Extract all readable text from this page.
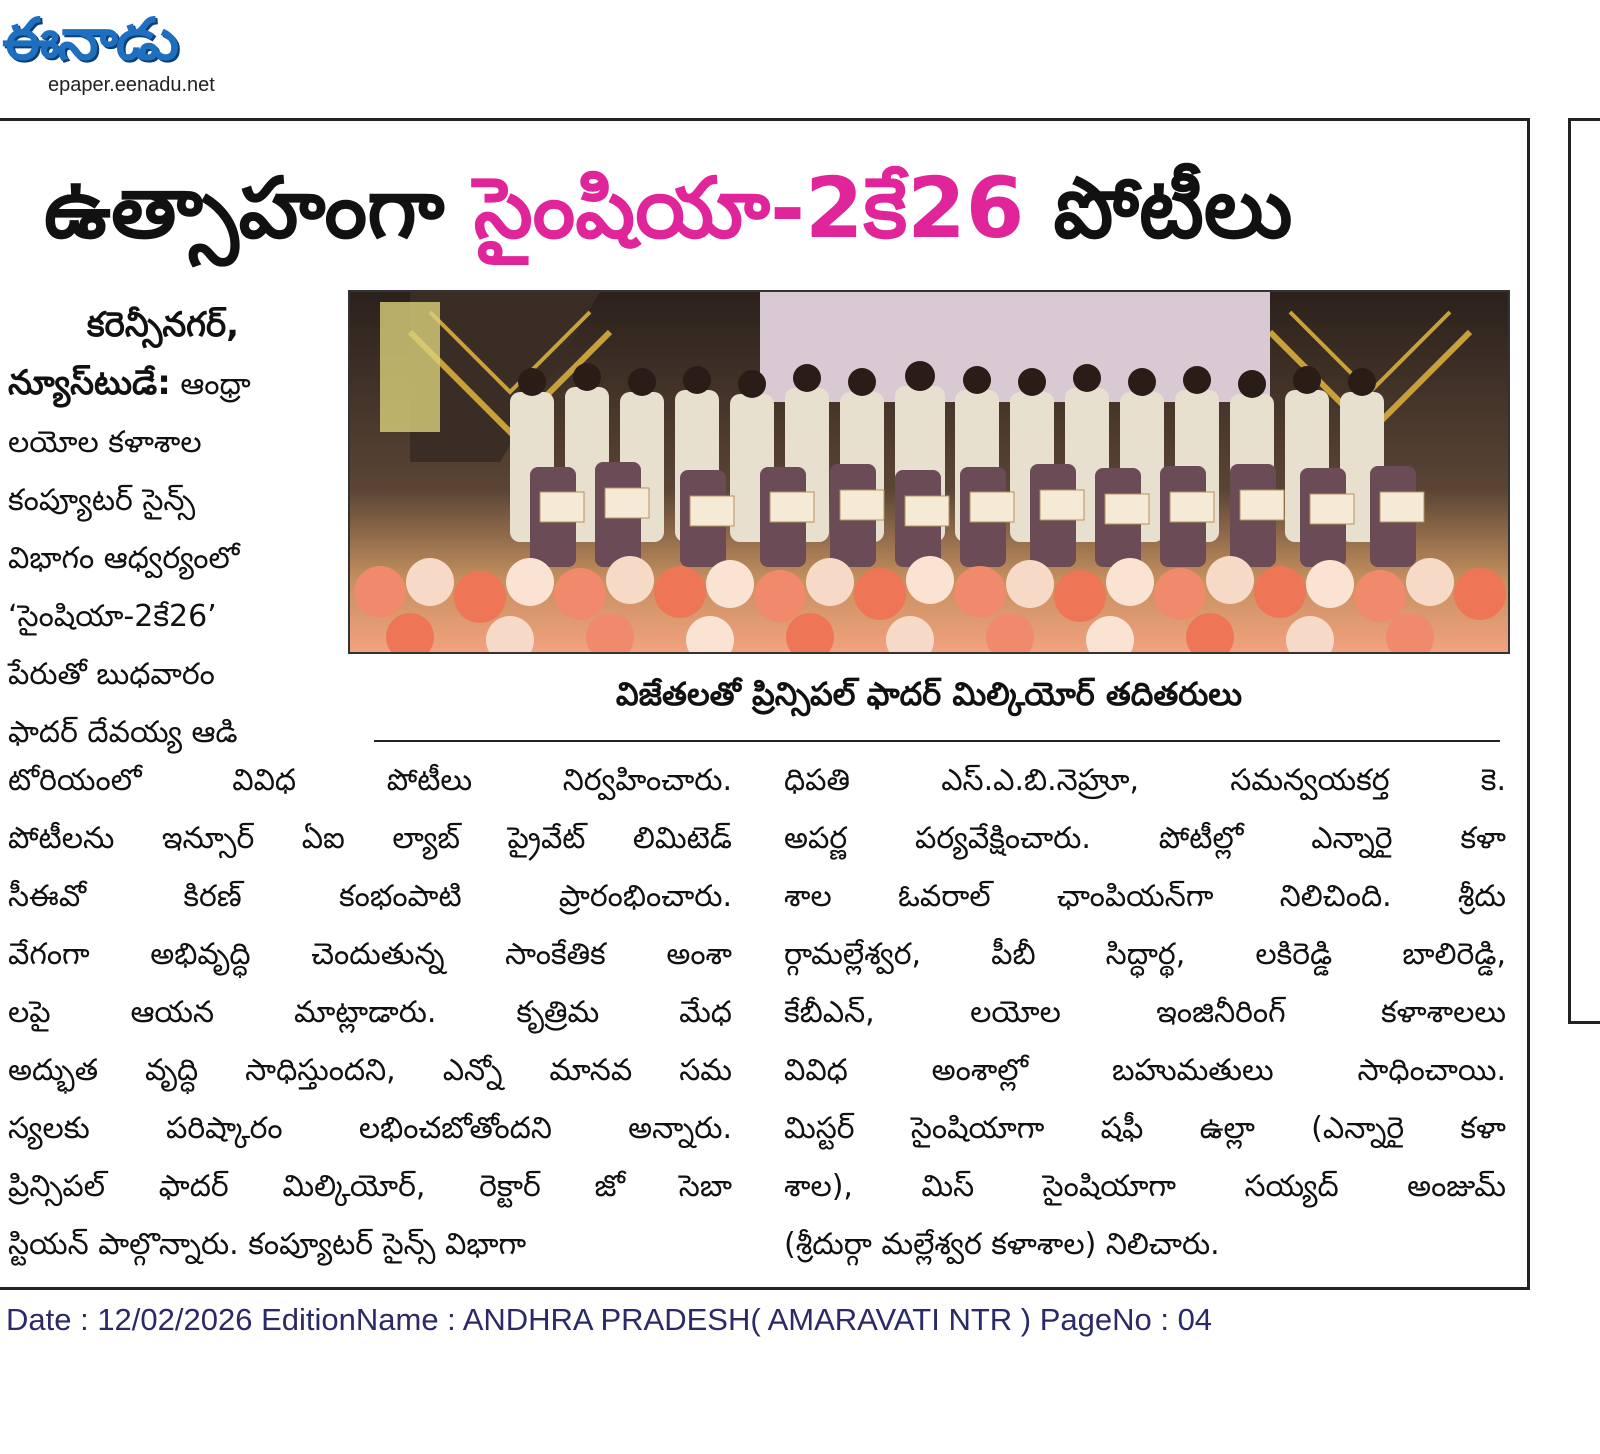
ఈనాడు
epaper.eenadu.net
ఉత్సాహంగా సైంషియా-2కే26 పోటీలు
విజేతలతో ప్రిన్సిపల్ ఫాదర్ మిల్కియోర్ తదితరులు
కరెన్సీనగర్,
న్యూస్‌టుడే: ఆంధ్రా
లయోల కళాశాల
కంప్యూటర్ సైన్స్
విభాగం ఆధ్వర్యంలో
‘సైంషియా-2కే26’
పేరుతో బుధవారం
ఫాదర్ దేవయ్య ఆడి
టోరియంలో వివిధ పోటీలు నిర్వహించారు.
పోటీలను ఇన్సూర్ ఏఐ ల్యాబ్ ప్రైవేట్ లిమిటెడ్
సీఈవో కిరణ్ కంభంపాటి ప్రారంభించారు.
వేగంగా అభివృద్ధి చెందుతున్న సాంకేతిక అంశా
లపై ఆయన మాట్లాడారు. కృత్రిమ మేధ
అద్భుత వృద్ధి సాధిస్తుందని, ఎన్నో మానవ సమ
స్యలకు పరిష్కారం లభించబోతోందని అన్నారు.
ప్రిన్సిపల్ ఫాదర్ మిల్కియోర్, రెక్టార్ జో సెబా
స్టియన్ పాల్గొన్నారు. కంప్యూటర్ సైన్స్ విభాగా
ధిపతి ఎస్.ఎ.బి.నెహ్రూ, సమన్వయకర్త కె.
అపర్ణ పర్యవేక్షించారు. పోటీల్లో ఎన్నారై కళా
శాల ఓవరాల్ ఛాంపియన్‌గా నిలిచింది. శ్రీదు
ర్గామల్లేశ్వర, పీబీ సిద్ధార్థ, లకిరెడ్డి బాలిరెడ్డి,
కేబీఎన్, లయోల ఇంజినీరింగ్ కళాశాలలు
వివిధ అంశాల్లో బహుమతులు సాధించాయి.
మిస్టర్ సైంషియాగా షఫీ ఉల్లా (ఎన్నారై కళా
శాల), మిస్ సైంషియాగా సయ్యద్ అంజుమ్
(శ్రీదుర్గా మల్లేశ్వర కళాశాల) నిలిచారు.
Date : 12/02/2026 EditionName : ANDHRA PRADESH( AMARAVATI NTR ) PageNo : 04
